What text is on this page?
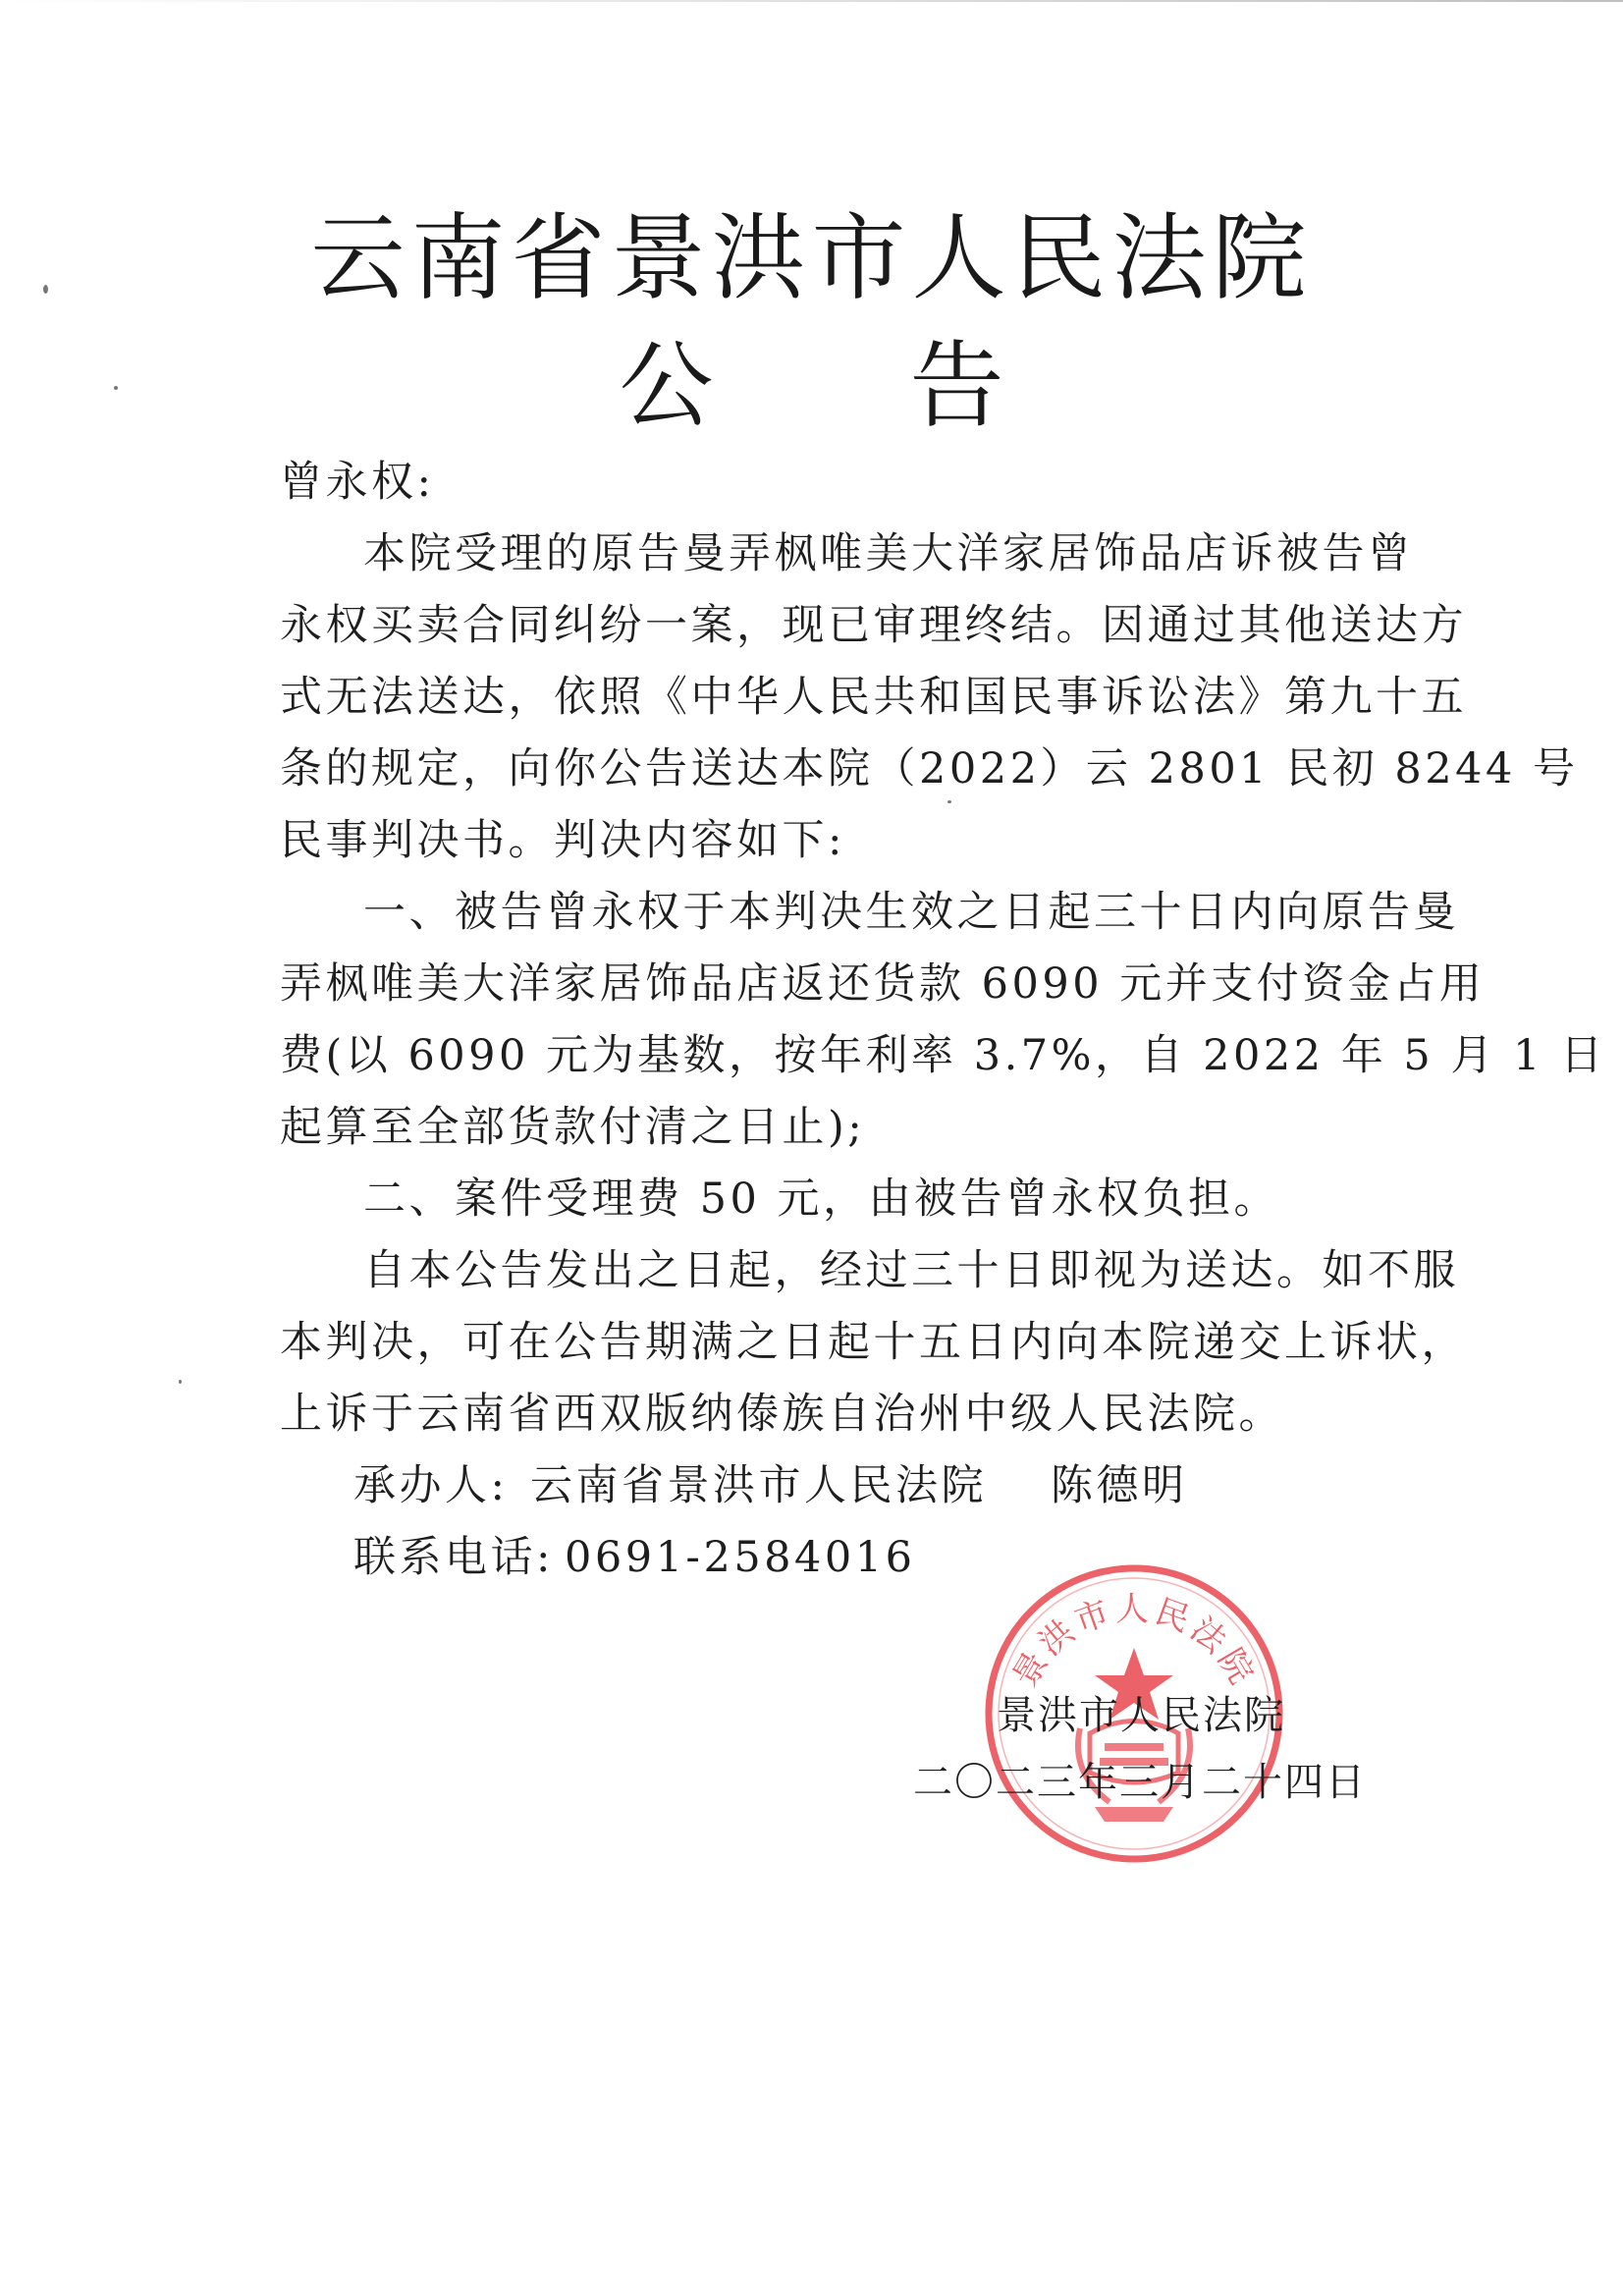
云南省景洪市人民法院
公告
曾永权:
本院受理的原告曼弄枫唯美大洋家居饰品店诉被告曾
永权买卖合同纠纷一案，现已审理终结。因通过其他送达方
式无法送达，依照《中华人民共和国民事诉讼法》第九十五
条的规定，向你公告送达本院（2022）云 2801 民初 8244 号
民事判决书。判决内容如下:
一、被告曾永权于本判决生效之日起三十日内向原告曼
弄枫唯美大洋家居饰品店返还货款 6090 元并支付资金占用
费(以 6090 元为基数，按年利率 3.7%，自 2022 年 5 月 1 日
起算至全部货款付清之日止);
二、案件受理费 50 元，由被告曾永权负担。
自本公告发出之日起，经过三十日即视为送达。如不服
本判决，可在公告期满之日起十五日内向本院递交上诉状，
上诉于云南省西双版纳傣族自治州中级人民法院。
承办人: 云南省景洪市人民法院 陈德明
联系电话: 0691-2584016
景洪市人民法院
景洪市人民法院
二〇二三年三月二十四日
